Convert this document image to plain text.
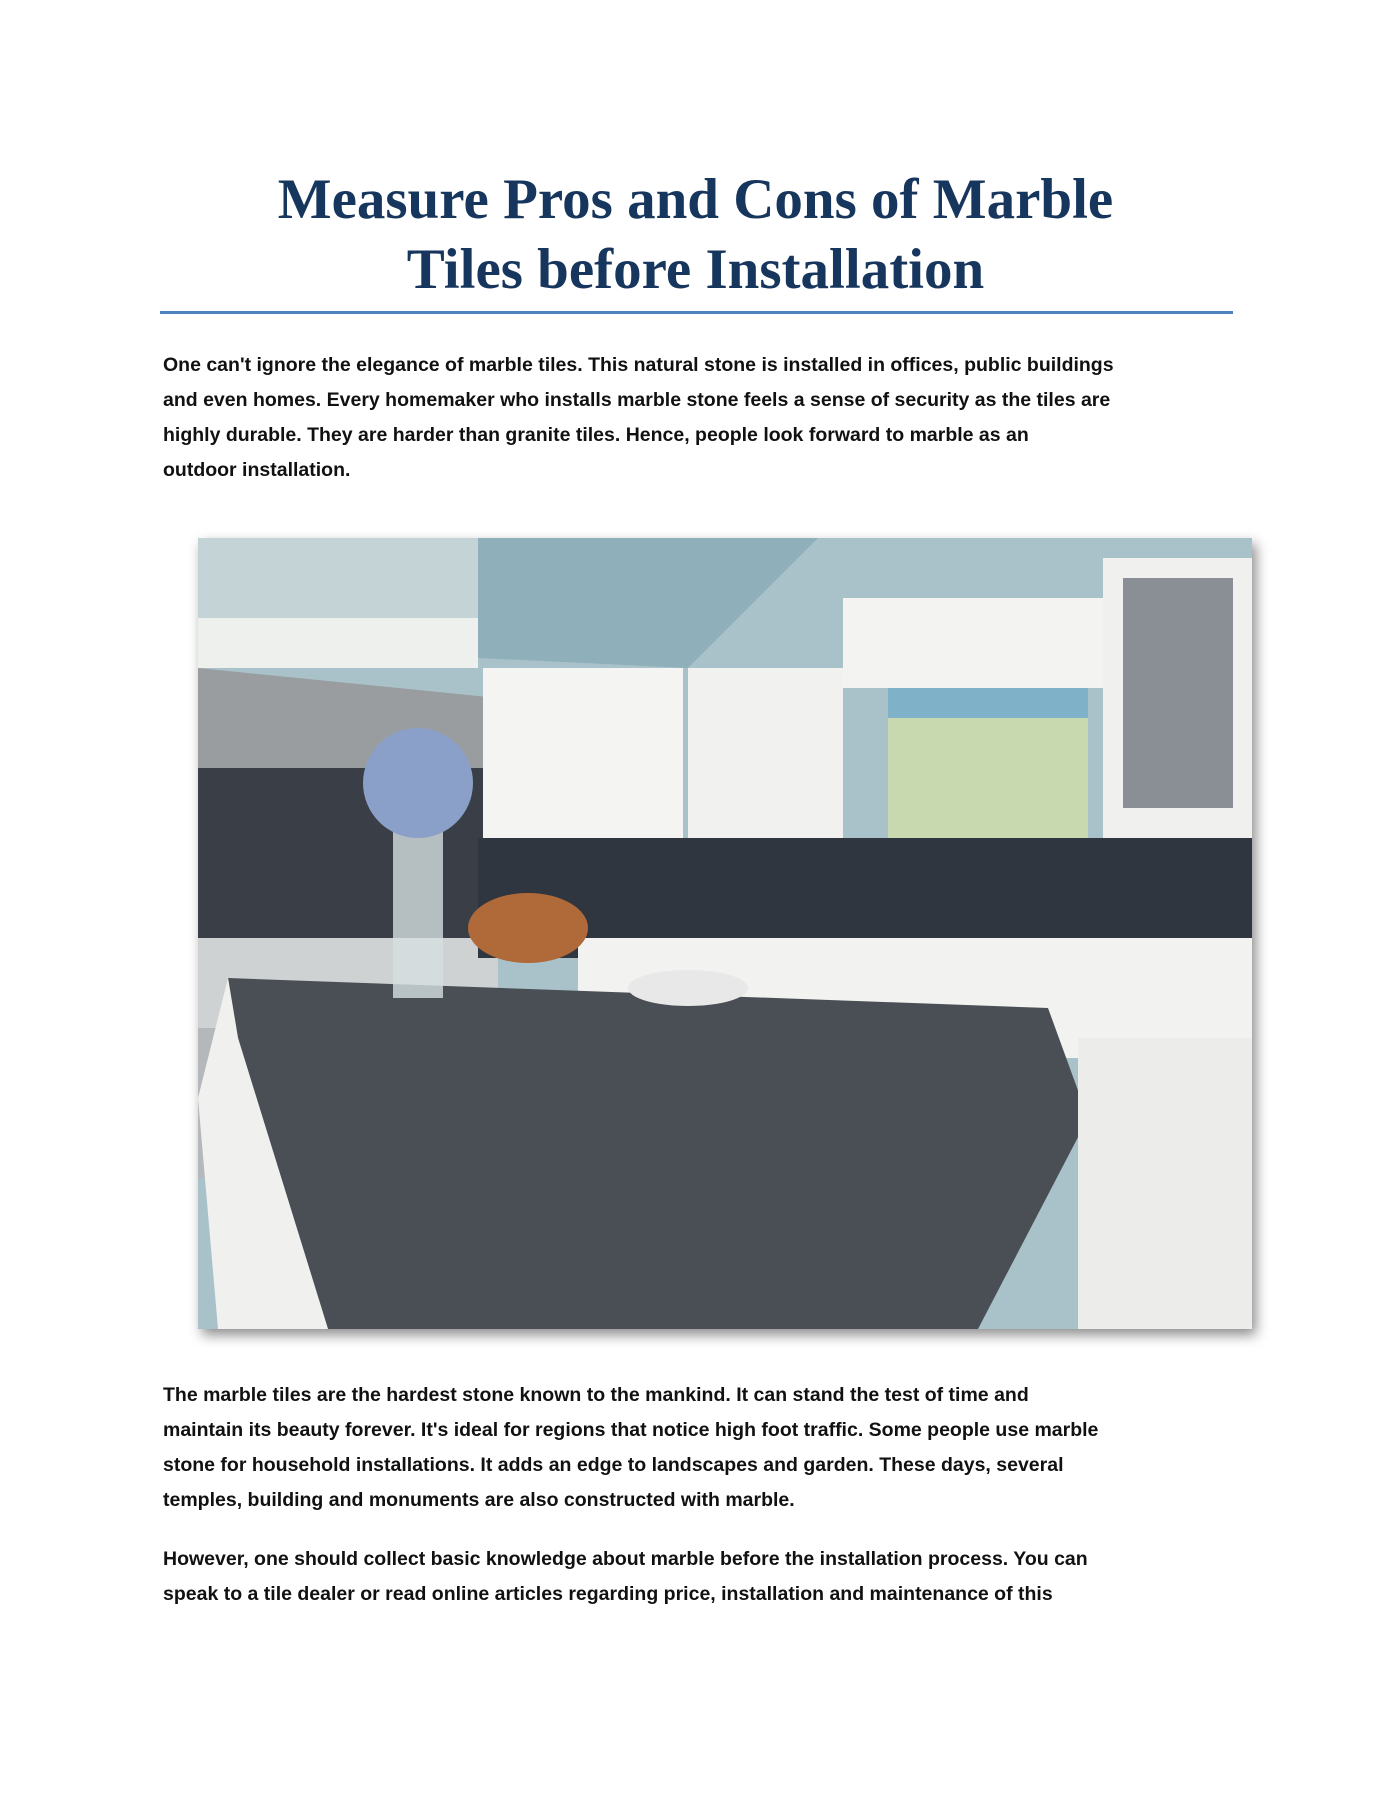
Measure Pros and Cons of Marble
Tiles before Installation
One can't ignore the elegance of marble tiles. This natural stone is installed in offices, public buildings
and even homes. Every homemaker who installs marble stone feels a sense of security as the tiles are
highly durable. They are harder than granite tiles. Hence, people look forward to marble as an
outdoor installation.
The marble tiles are the hardest stone known to the mankind. It can stand the test of time and
maintain its beauty forever. It's ideal for regions that notice high foot traffic. Some people use marble
stone for household installations. It adds an edge to landscapes and garden. These days, several
temples, building and monuments are also constructed with marble.
However, one should collect basic knowledge about marble before the installation process. You can
speak to a tile dealer or read online articles regarding price, installation and maintenance of this
